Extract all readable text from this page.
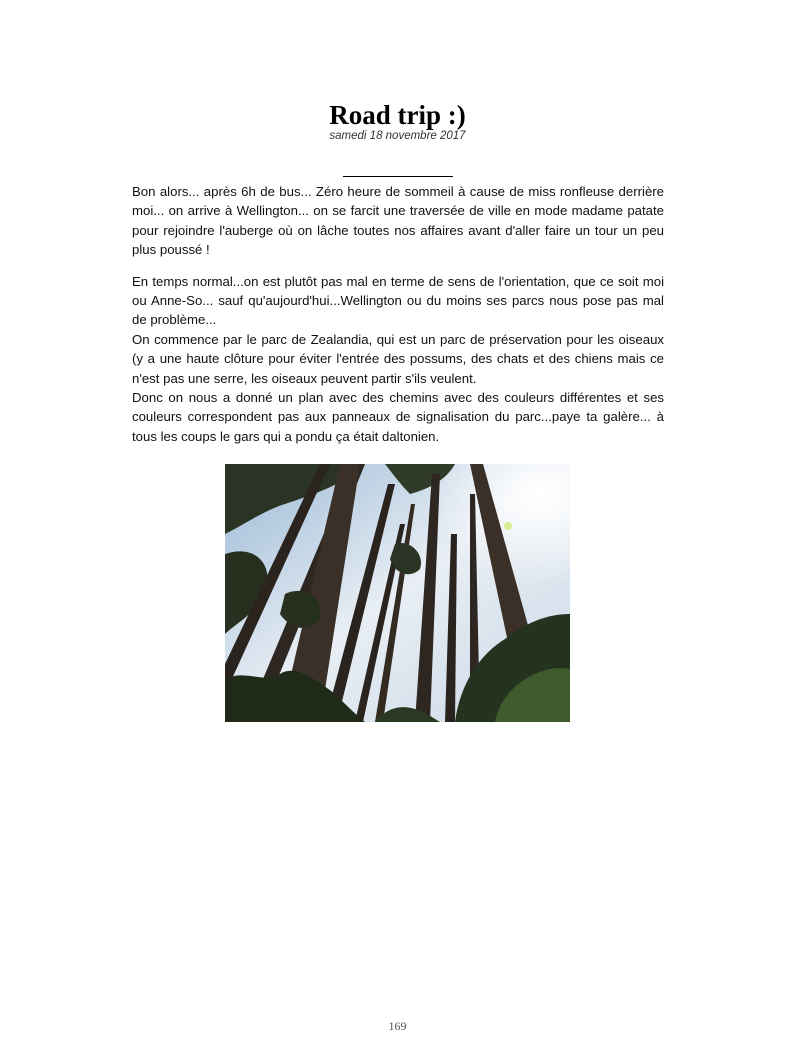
Road trip :)
samedi 18 novembre 2017

Bon alors... après 6h de bus... Zéro heure de sommeil à cause de miss ronfleuse derrière moi... on arrive à Wellington... on se farcit une traversée de ville en mode madame patate pour rejoindre l'auberge où on lâche toutes nos affaires avant d'aller faire un tour un peu plus poussé !

En temps normal...on est plutôt pas mal en terme de sens de l'orientation, que ce soit moi ou Anne-So... sauf qu'aujourd'hui...Wellington ou du moins ses parcs nous pose pas mal de problème...

On commence par le parc de Zealandia, qui est un parc de préservation pour les oiseaux (y a une haute clôture pour éviter l'entrée des possums, des chats et des chiens mais ce n'est pas une serre, les oiseaux peuvent partir s'ils veulent.

Donc on nous a donné un plan avec des chemins avec des couleurs différentes et ses couleurs correspondent pas aux panneaux de signalisation du parc...paye ta galère... à tous les coups le gars qui a pondu ça était daltonien.

169
